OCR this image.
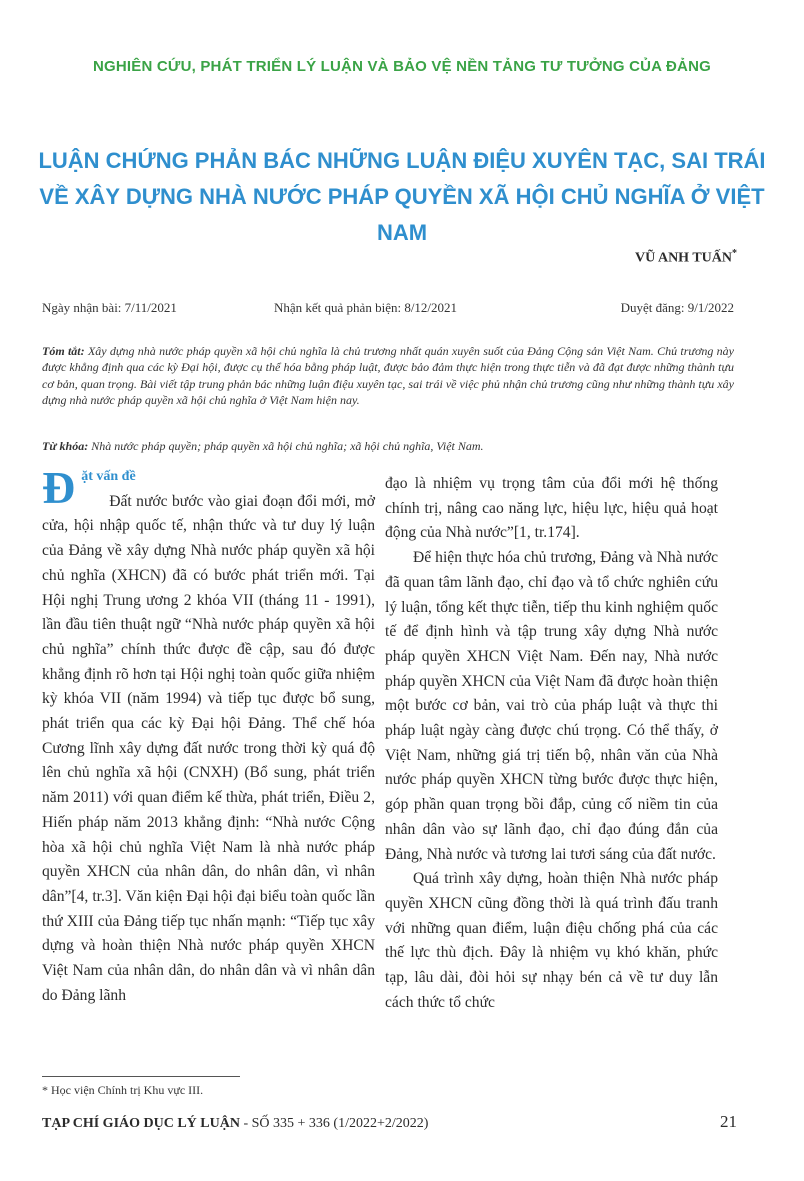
NGHIÊN CỨU, PHÁT TRIỂN LÝ LUẬN VÀ BẢO VỆ NỀN TẢNG TƯ TƯỞNG CỦA ĐẢNG
LUẬN CHỨNG PHẢN BÁC NHỮNG LUẬN ĐIỆU XUYÊN TẠC, SAI TRÁI
VỀ XÂY DỰNG NHÀ NƯỚC PHÁP QUYỀN XÃ HỘI CHỦ NGHĨA Ở VIỆT NAM
VŨ ANH TUẤN*
Ngày nhận bài: 7/11/2021	Nhận kết quả phản biện: 8/12/2021	Duyệt đăng: 9/1/2022
Tóm tắt: Xây dựng nhà nước pháp quyền xã hội chủ nghĩa là chủ trương nhất quán xuyên suốt của Đảng Cộng sản Việt Nam. Chủ trương này được khẳng định qua các kỳ Đại hội, được cụ thể hóa bằng pháp luật, được bảo đảm thực hiện trong thực tiễn và đã đạt được những thành tựu cơ bản, quan trọng. Bài viết tập trung phản bác những luận điệu xuyên tạc, sai trái về việc phủ nhận chủ trương cũng như những thành tựu xây dựng nhà nước pháp quyền xã hội chủ nghĩa ở Việt Nam hiện nay.
Từ khóa: Nhà nước pháp quyền; pháp quyền xã hội chủ nghĩa; xã hội chủ nghĩa, Việt Nam.
Đ ặt vấn đề

Đất nước bước vào giai đoạn đổi mới, mở cửa, hội nhập quốc tế, nhận thức và tư duy lý luận của Đảng về xây dựng Nhà nước pháp quyền xã hội chủ nghĩa (XHCN) đã có bước phát triển mới. Tại Hội nghị Trung ương 2 khóa VII (tháng 11 - 1991), lần đầu tiên thuật ngữ “Nhà nước pháp quyền xã hội chủ nghĩa” chính thức được đề cập, sau đó được khẳng định rõ hơn tại Hội nghị toàn quốc giữa nhiệm kỳ khóa VII (năm 1994) và tiếp tục được bổ sung, phát triển qua các kỳ Đại hội Đảng. Thể chế hóa Cương lĩnh xây dựng đất nước trong thời kỳ quá độ lên chủ nghĩa xã hội (CNXH) (Bổ sung, phát triển năm 2011) với quan điểm kế thừa, phát triển, Điều 2, Hiến pháp năm 2013 khẳng định: “Nhà nước Cộng hòa xã hội chủ nghĩa Việt Nam là nhà nước pháp quyền XHCN của nhân dân, do nhân dân, vì nhân dân”[4, tr.3]. Văn kiện Đại hội đại biểu toàn quốc lần thứ XIII của Đảng tiếp tục nhấn mạnh: “Tiếp tục xây dựng và hoàn thiện Nhà nước pháp quyền XHCN Việt Nam của nhân dân, do nhân dân và vì nhân dân do Đảng lãnh

đạo là nhiệm vụ trọng tâm của đổi mới hệ thống chính trị, nâng cao năng lực, hiệu lực, hiệu quả hoạt động của Nhà nước”[1, tr.174].

Để hiện thực hóa chủ trương, Đảng và Nhà nước đã quan tâm lãnh đạo, chỉ đạo và tổ chức nghiên cứu lý luận, tổng kết thực tiễn, tiếp thu kinh nghiệm quốc tế để định hình và tập trung xây dựng Nhà nước pháp quyền XHCN Việt Nam. Đến nay, Nhà nước pháp quyền XHCN của Việt Nam đã được hoàn thiện một bước cơ bản, vai trò của pháp luật và thực thi pháp luật ngày càng được chú trọng. Có thể thấy, ở Việt Nam, những giá trị tiến bộ, nhân văn của Nhà nước pháp quyền XHCN từng bước được thực hiện, góp phần quan trọng bồi đắp, củng cố niềm tin của nhân dân vào sự lãnh đạo, chỉ đạo đúng đắn của Đảng, Nhà nước và tương lai tươi sáng của đất nước.

Quá trình xây dựng, hoàn thiện Nhà nước pháp quyền XHCN cũng đồng thời là quá trình đấu tranh với những quan điểm, luận điệu chống phá của các thế lực thù địch. Đây là nhiệm vụ khó khăn, phức tạp, lâu dài, đòi hỏi sự nhạy bén cả về tư duy lẫn cách thức tổ chức

* Học viện Chính trị Khu vực III.
TẠP CHÍ GIÁO DỤC LÝ LUẬN - SỐ 335 + 336 (1/2022+2/2022)	21
